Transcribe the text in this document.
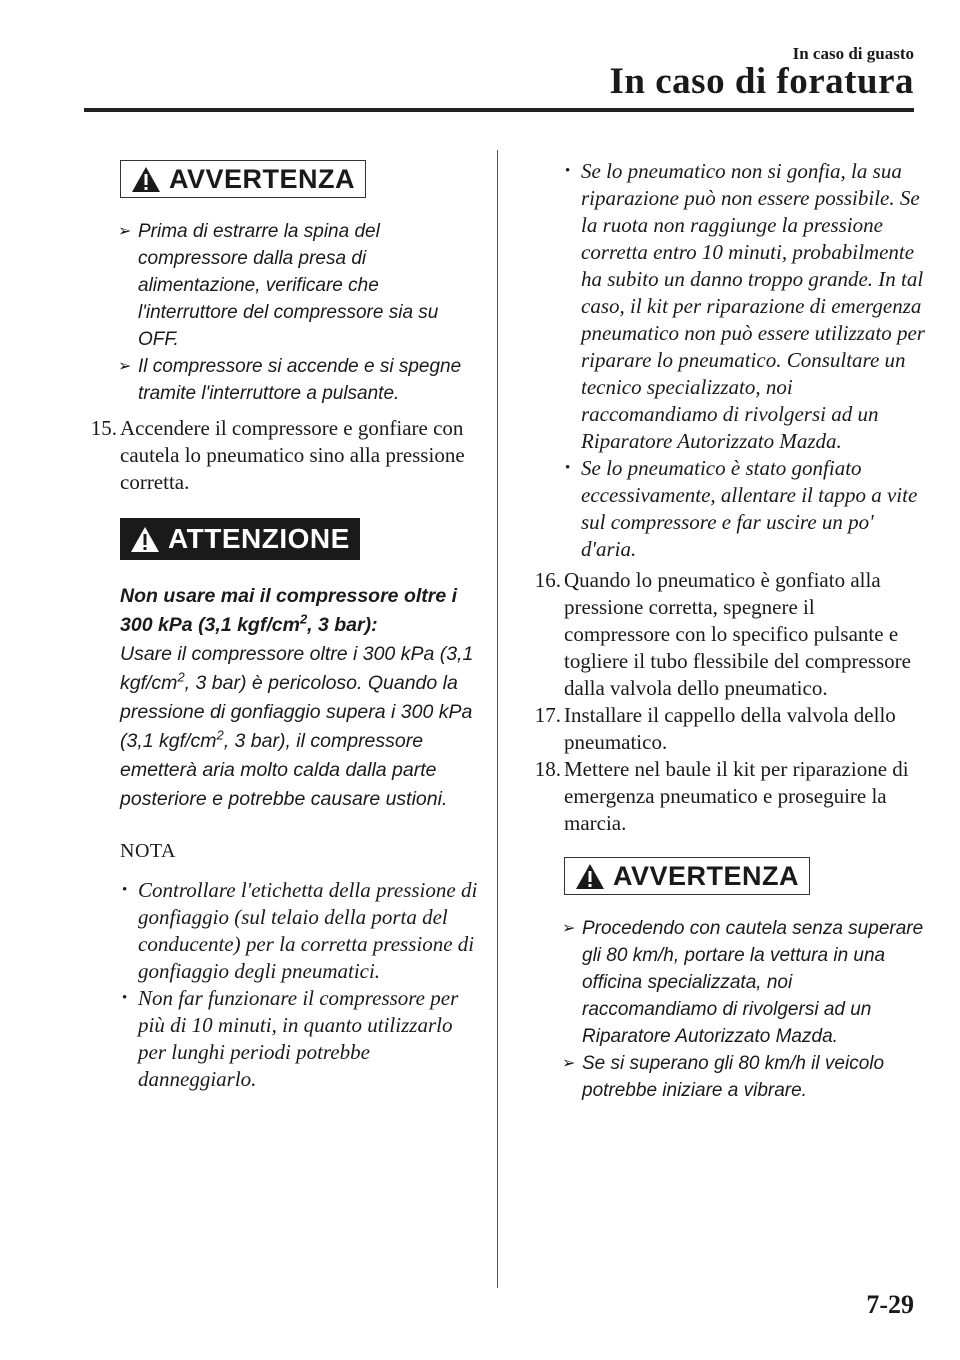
In caso di guasto
In caso di foratura
AVVERTENZA
➢ Prima di estrarre la spina del compressore dalla presa di alimentazione, verificare che l'interruttore del compressore sia su OFF.
➢ Il compressore si accende e si spegne tramite l'interruttore a pulsante.
15. Accendere il compressore e gonfiare con cautela lo pneumatico sino alla pressione corretta.
ATTENZIONE
Non usare mai il compressore oltre i 300 kPa (3,1 kgf/$cm^2$, 3 bar):
Usare il compressore oltre i 300 kPa (3,1 kgf/$cm^2$, 3 bar) è pericoloso. Quando la pressione di gonfiaggio supera i 300 kPa (3,1 kgf/$cm^2$, 3 bar), il compressore emetterà aria molto calda dalla parte posteriore e potrebbe causare ustioni.
NOTA
• Controllare l'etichetta della pressione di gonfiaggio (sul telaio della porta del conducente) per la corretta pressione di gonfiaggio degli pneumatici.
• Non far funzionare il compressore per più di 10 minuti, in quanto utilizzarlo per lunghi periodi potrebbe danneggiarlo.
• Se lo pneumatico non si gonfia, la sua riparazione può non essere possibile. Se la ruota non raggiunge la pressione corretta entro 10 minuti, probabilmente ha subito un danno troppo grande. In tal caso, il kit per riparazione di emergenza pneumatico non può essere utilizzato per riparare lo pneumatico. Consultare un tecnico specializzato, noi raccomandiamo di rivolgersi ad un Riparatore Autorizzato Mazda.
• Se lo pneumatico è stato gonfiato eccessivamente, allentare il tappo a vite sul compressore e far uscire un po' d'aria.
16. Quando lo pneumatico è gonfiato alla pressione corretta, spegnere il compressore con lo specifico pulsante e togliere il tubo flessibile del compressore dalla valvola dello pneumatico.
17. Installare il cappello della valvola dello pneumatico.
18. Mettere nel baule il kit per riparazione di emergenza pneumatico e proseguire la marcia.
AVVERTENZA
➢ Procedendo con cautela senza superare gli 80 km/h, portare la vettura in una officina specializzata, noi raccomandiamo di rivolgersi ad un Riparatore Autorizzato Mazda.
➢ Se si superano gli 80 km/h il veicolo potrebbe iniziare a vibrare.
7-29
